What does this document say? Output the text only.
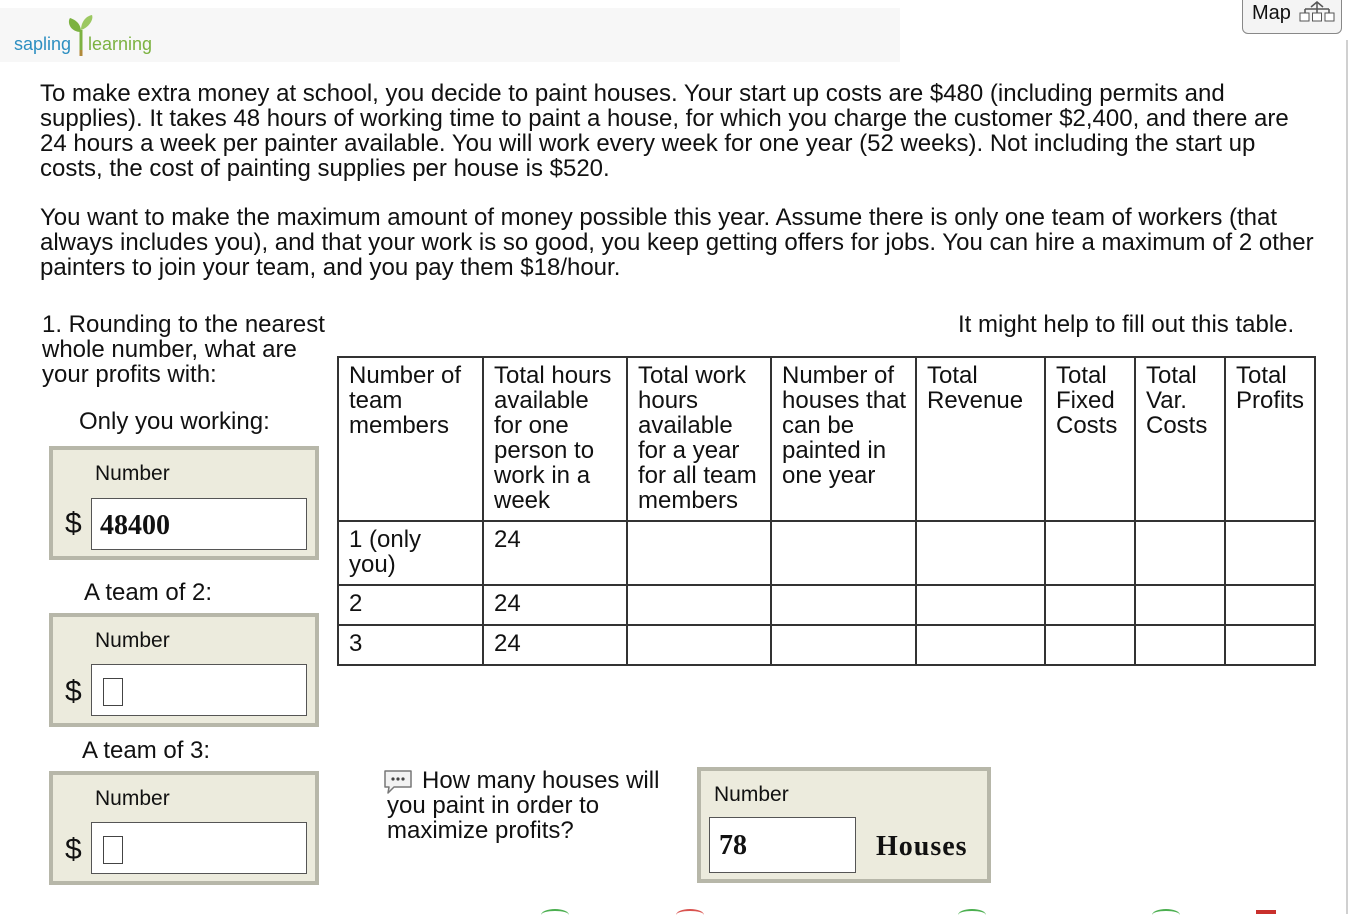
sapling learning
Map
To make extra money at school, you decide to paint houses. Your start up costs are $480 (including permits and supplies). It takes 48 hours of working time to paint a house, for which you charge the customer $2,400, and there are 24 hours a week per painter available. You will work every week for one year (52 weeks). Not including the start up costs, the cost of painting supplies per house is $520.
You want to make the maximum amount of money possible this year. Assume there is only one team of workers (that always includes you), and that your work is so good, you keep getting offers for jobs. You can hire a maximum of 2 other painters to join your team, and you pay them $18/hour.
1. Rounding to the nearest whole number, what are your profits with:
It might help to fill out this table.
Only you working:
Number
$ 48400
A team of 2:
Number
$
A team of 3:
Number
$
Number of team members	Total hours available for one person to work in a week	Total work hours available for a year for all team members	Number of houses that can be painted in one year	Total Revenue	Total Fixed Costs	Total Var. Costs	Total Profits
1 (only you)	24						
2	24						
3	24						
How many houses will you paint in order to maximize profits?
Number
78	Houses
